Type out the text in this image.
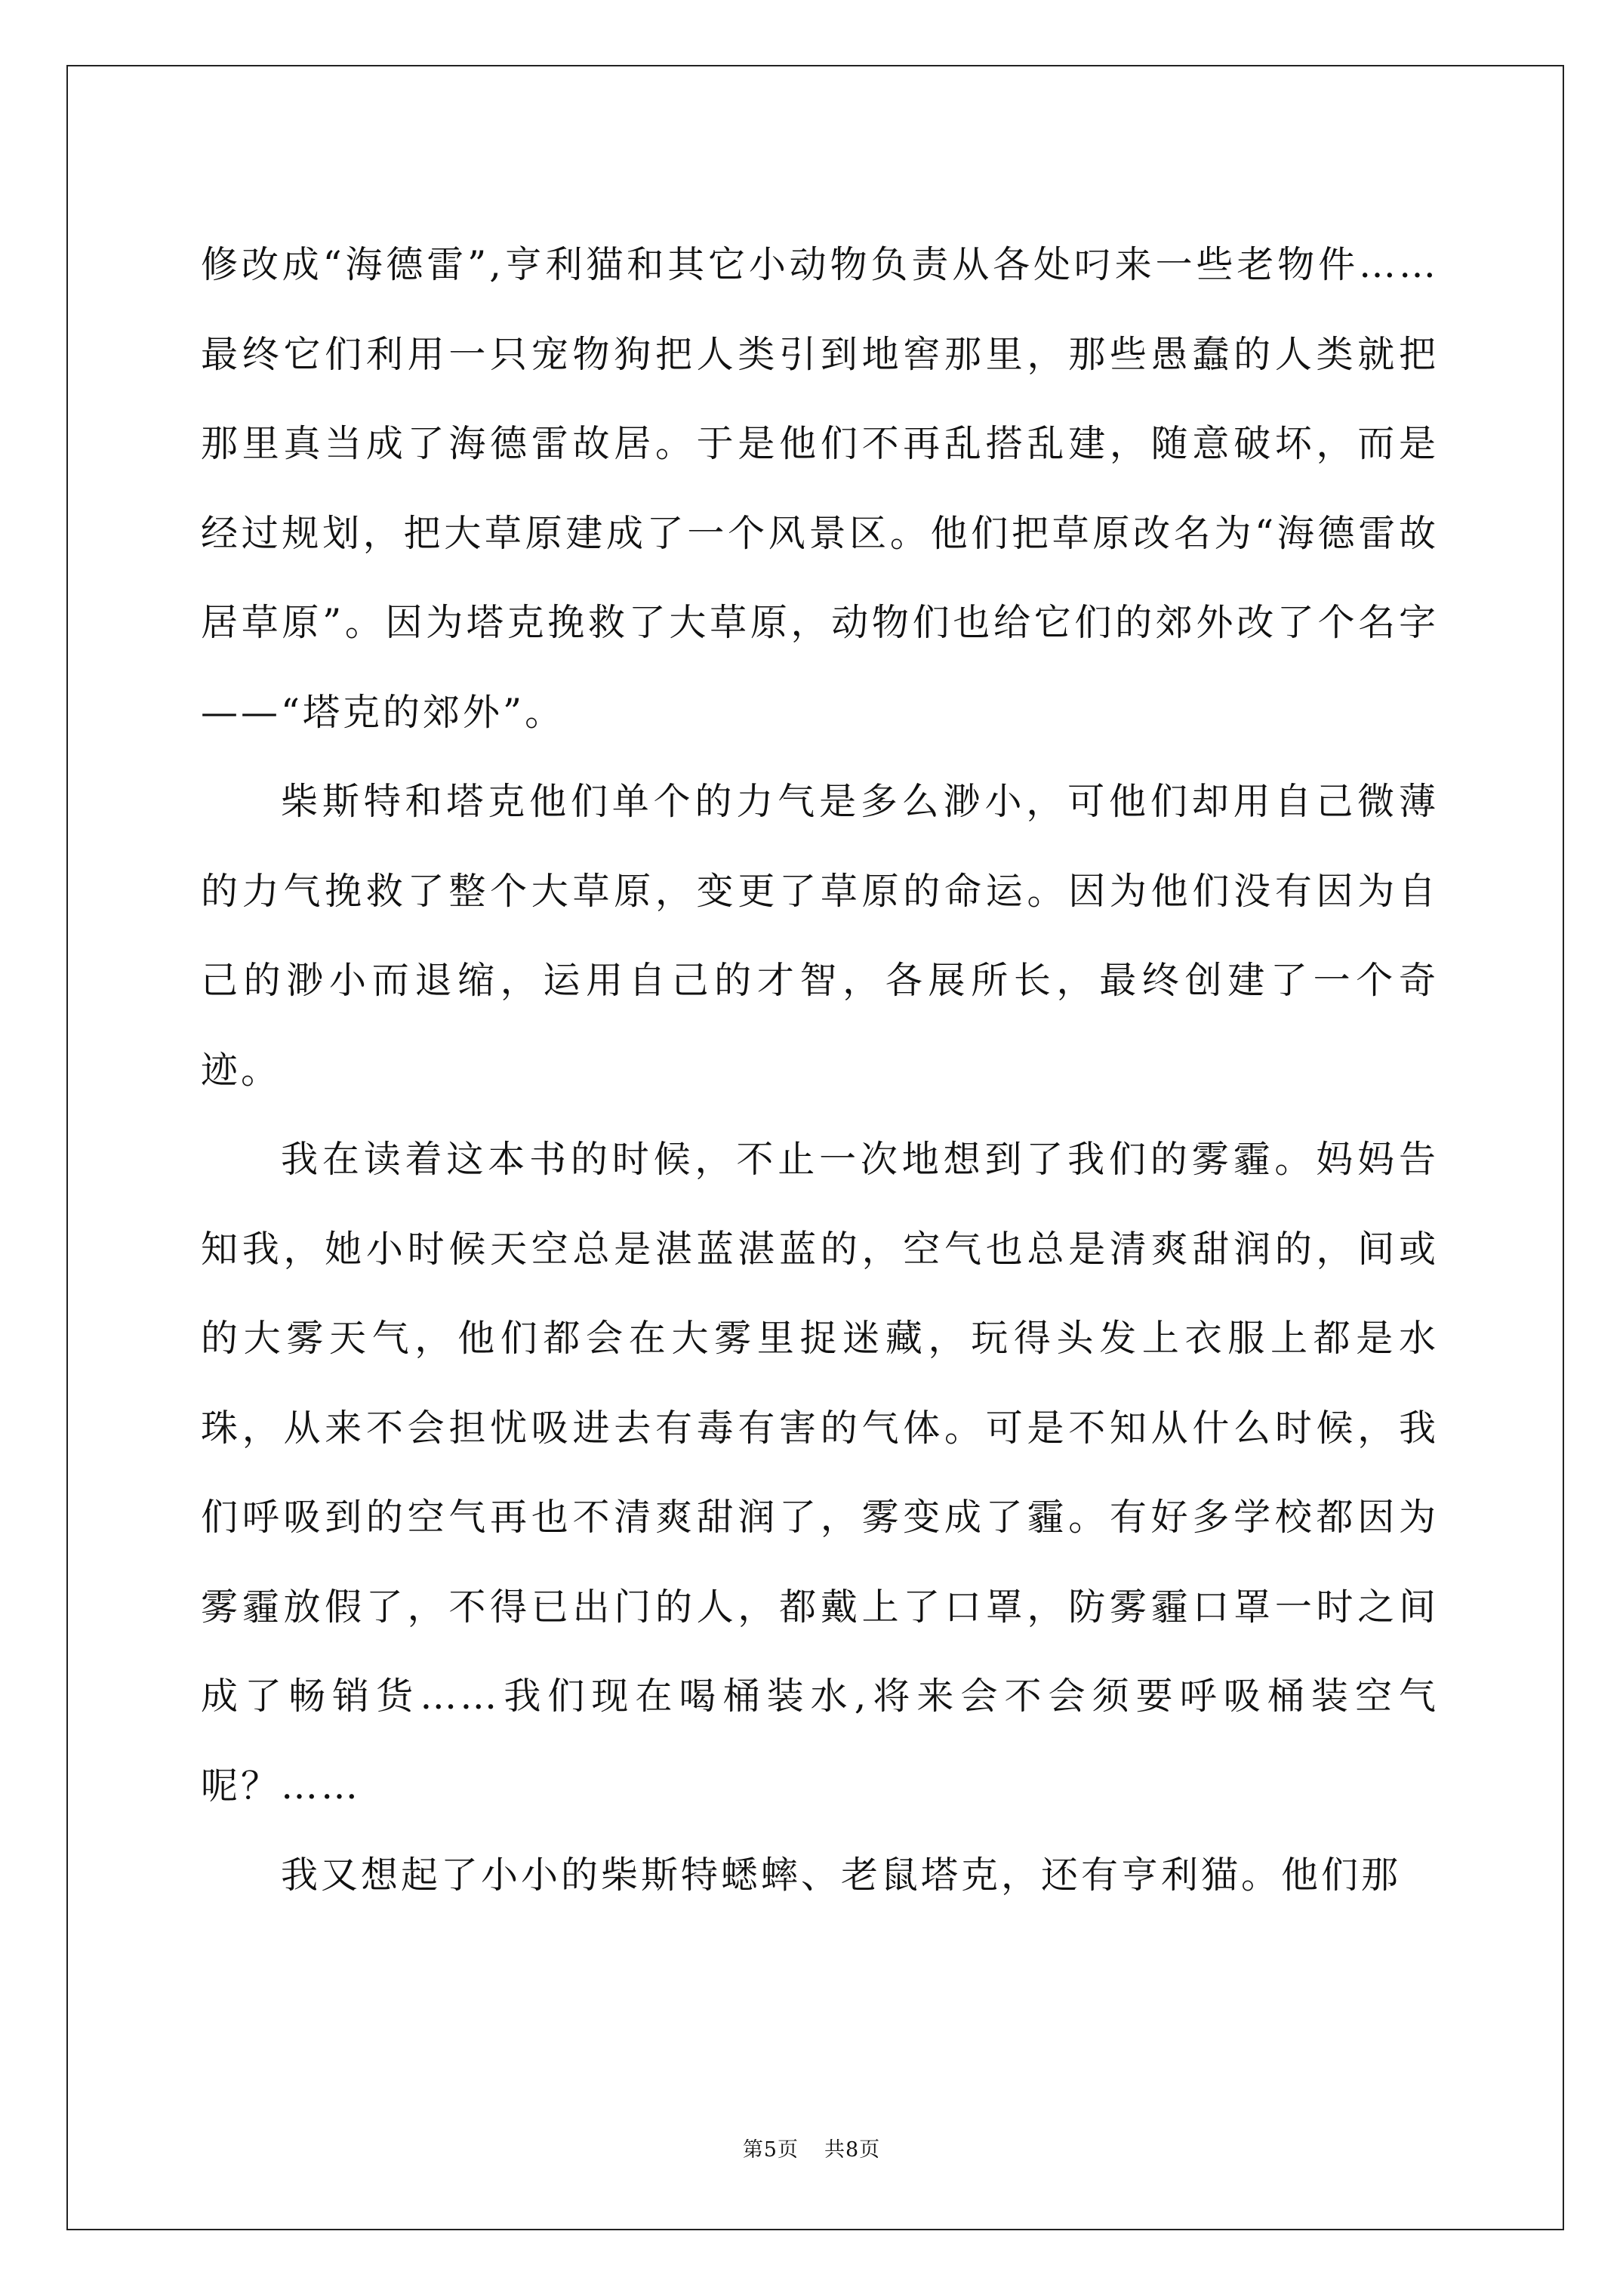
修改成“海德雷”,亨利猫和其它小动物负责从各处叼来一些老物件……最终它们利用一只宠物狗把人类引到地窖那里，那些愚蠢的人类就把那里真当成了海德雷故居。于是他们不再乱搭乱建，随意破坏，而是经过规划，把大草原建成了一个风景区。他们把草原改名为“海德雷故居草原”。因为塔克挽救了大草原，动物们也给它们的郊外改了个名字——“塔克的郊外”。

柴斯特和塔克他们单个的力气是多么渺小，可他们却用自己微薄的力气挽救了整个大草原，变更了草原的命运。因为他们没有因为自己的渺小而退缩，运用自己的才智，各展所长，最终创建了一个奇迹。

我在读着这本书的时候，不止一次地想到了我们的雾霾。妈妈告知我，她小时候天空总是湛蓝湛蓝的，空气也总是清爽甜润的，间或的大雾天气，他们都会在大雾里捉迷藏，玩得头发上衣服上都是水珠，从来不会担忧吸进去有毒有害的气体。可是不知从什么时候，我们呼吸到的空气再也不清爽甜润了，雾变成了霾。有好多学校都因为雾霾放假了，不得已出门的人，都戴上了口罩，防雾霾口罩一时之间成了畅销货……我们现在喝桶装水,将来会不会须要呼吸桶装空气呢？……

我又想起了小小的柴斯特蟋蟀、老鼠塔克，还有亨利猫。他们那

第5页 共8页
